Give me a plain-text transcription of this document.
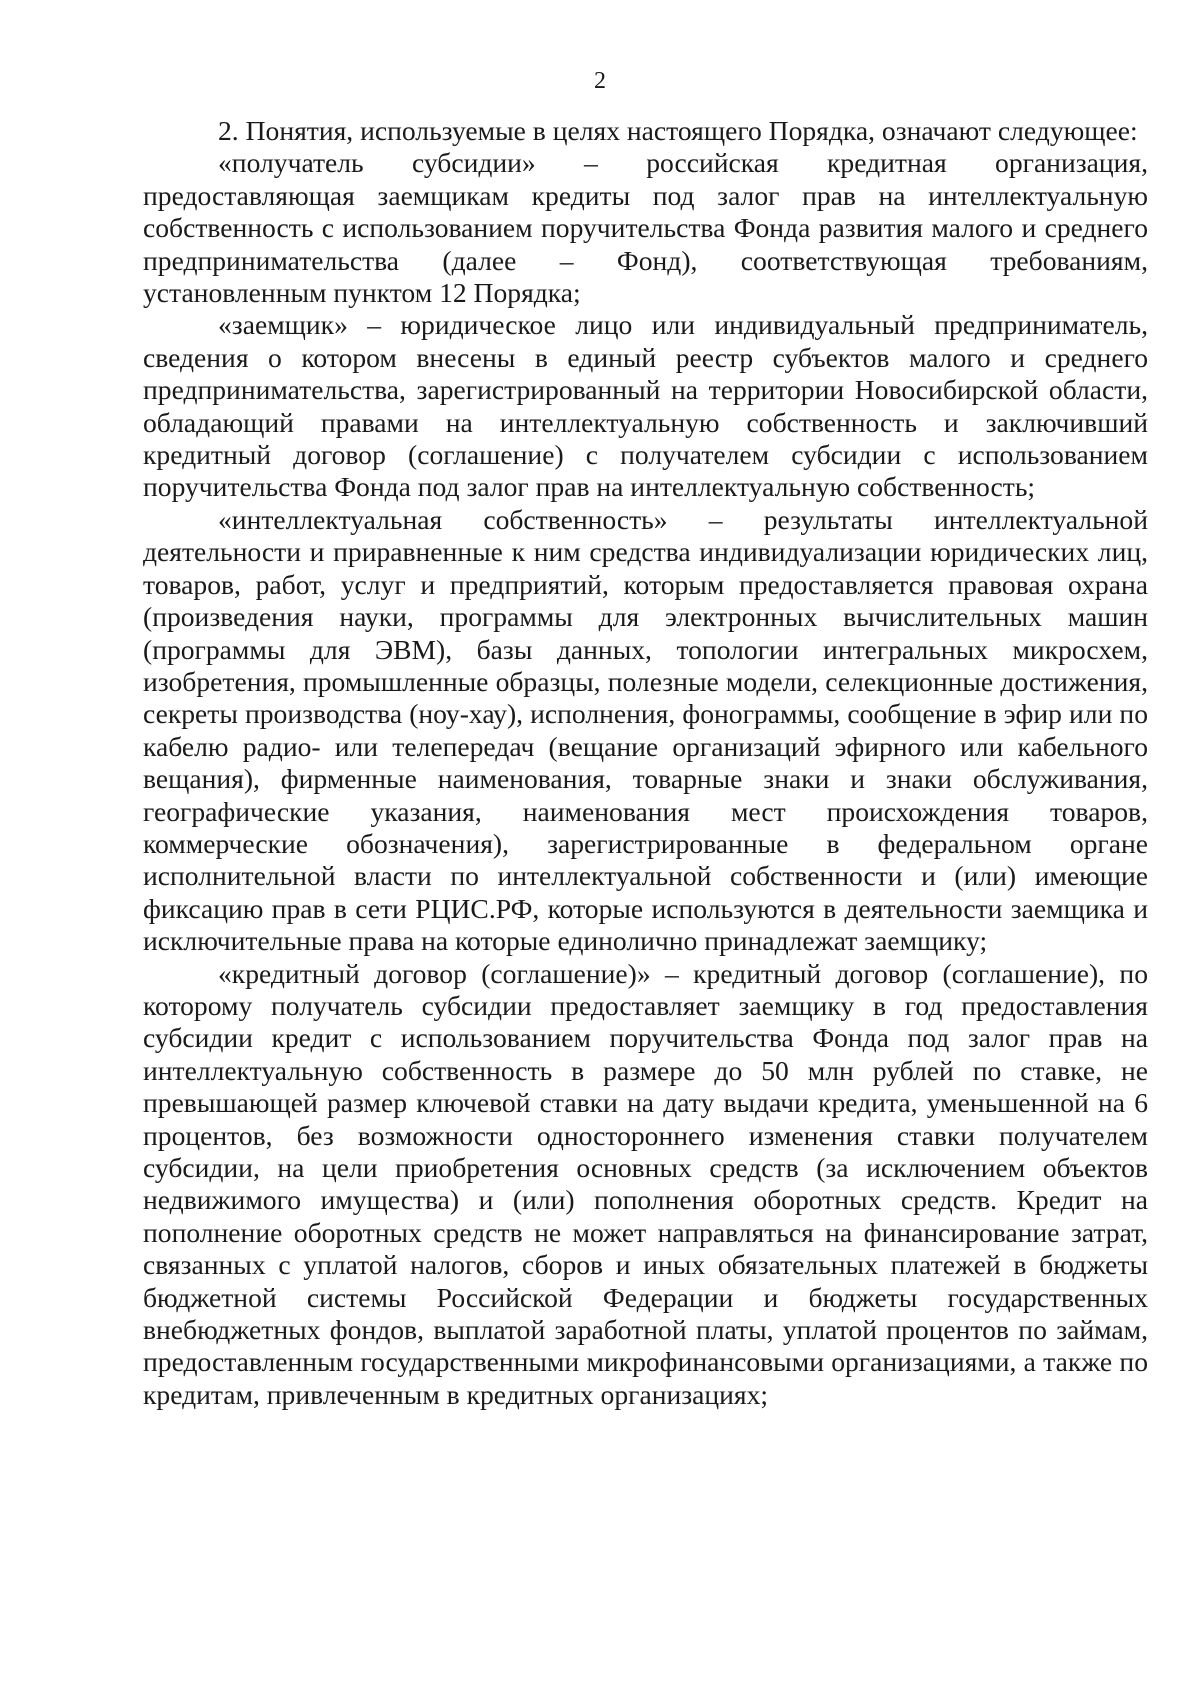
2

2. Понятия, используемые в целях настоящего Порядка, означают следующее:

«получатель субсидии» – российская кредитная организация, предоставляющая заемщикам кредиты под залог прав на интеллектуальную собственность с использованием поручительства Фонда развития малого и среднего предпринимательства (далее – Фонд), соответствующая требованиям, установленным пунктом 12 Порядка;

«заемщик» – юридическое лицо или индивидуальный предприниматель, сведения о котором внесены в единый реестр субъектов малого и среднего предпринимательства, зарегистрированный на территории Новосибирской области, обладающий правами на интеллектуальную собственность и заключивший кредитный договор (соглашение) с получателем субсидии с использованием поручительства Фонда под залог прав на интеллектуальную собственность;

«интеллектуальная собственность» – результаты интеллектуальной деятельности и приравненные к ним средства индивидуализации юридических лиц, товаров, работ, услуг и предприятий, которым предоставляется правовая охрана (произведения науки, программы для электронных вычислительных машин (программы для ЭВМ), базы данных, топологии интегральных микросхем, изобретения, промышленные образцы, полезные модели, селекционные достижения, секреты производства (ноу-хау), исполнения, фонограммы, сообщение в эфир или по кабелю радио- или телепередач (вещание организаций эфирного или кабельного вещания), фирменные наименования, товарные знаки и знаки обслуживания, географические указания, наименования мест происхождения товаров, коммерческие обозначения), зарегистрированные в федеральном органе исполнительной власти по интеллектуальной собственности и (или) имеющие фиксацию прав в сети РЦИС.РФ, которые используются в деятельности заемщика и исключительные права на которые единолично принадлежат заемщику;

«кредитный договор (соглашение)» – кредитный договор (соглашение), по которому получатель субсидии предоставляет заемщику в год предоставления субсидии кредит с использованием поручительства Фонда под залог прав на интеллектуальную собственность в размере до 50 млн рублей по ставке, не превышающей размер ключевой ставки на дату выдачи кредита, уменьшенной на 6 процентов, без возможности одностороннего изменения ставки получателем субсидии, на цели приобретения основных средств (за исключением объектов недвижимого имущества) и (или) пополнения оборотных средств. Кредит на пополнение оборотных средств не может направляться на финансирование затрат, связанных с уплатой налогов, сборов и иных обязательных платежей в бюджеты бюджетной системы Российской Федерации и бюджеты государственных внебюджетных фондов, выплатой заработной платы, уплатой процентов по займам, предоставленным государственными микрофинансовыми организациями, а также по кредитам, привлеченным в кредитных организациях;
